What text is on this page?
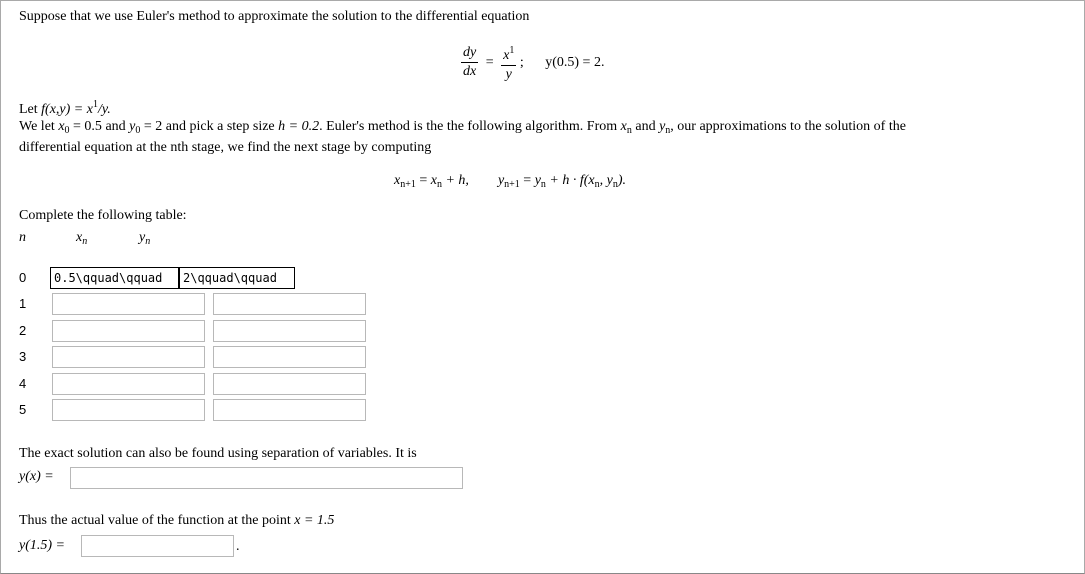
Suppose that we use Euler's method to approximate the solution to the differential equation
$\frac{dy}{dx} = \frac{x^1}{y}$ ; y(0.5) = 2.
Let $f(x,y) = x^1/y$.
We let $x_0 = 0.5$ and $y_0 = 2$ and pick a step size h = 0.2. Euler's method is the the following algorithm. From $x_n$ and $y_n$, our approximations to the solution of the
differential equation at the nth stage, we find the next stage by computing
$x_{n+1} = x_n + h$, $y_{n+1} = y_n + h \cdot f(x_n$, $y_n$).
Complete the following table:
n	$x_n$	$y_n$
0	0.5\qquad\qquad	2\qquad\qquad
1
2
3
4
5
The exact solution can also be found using separation of variables. It is
y(x) =
Thus the actual value of the function at the point x = 1.5
y(1.5) =	.
